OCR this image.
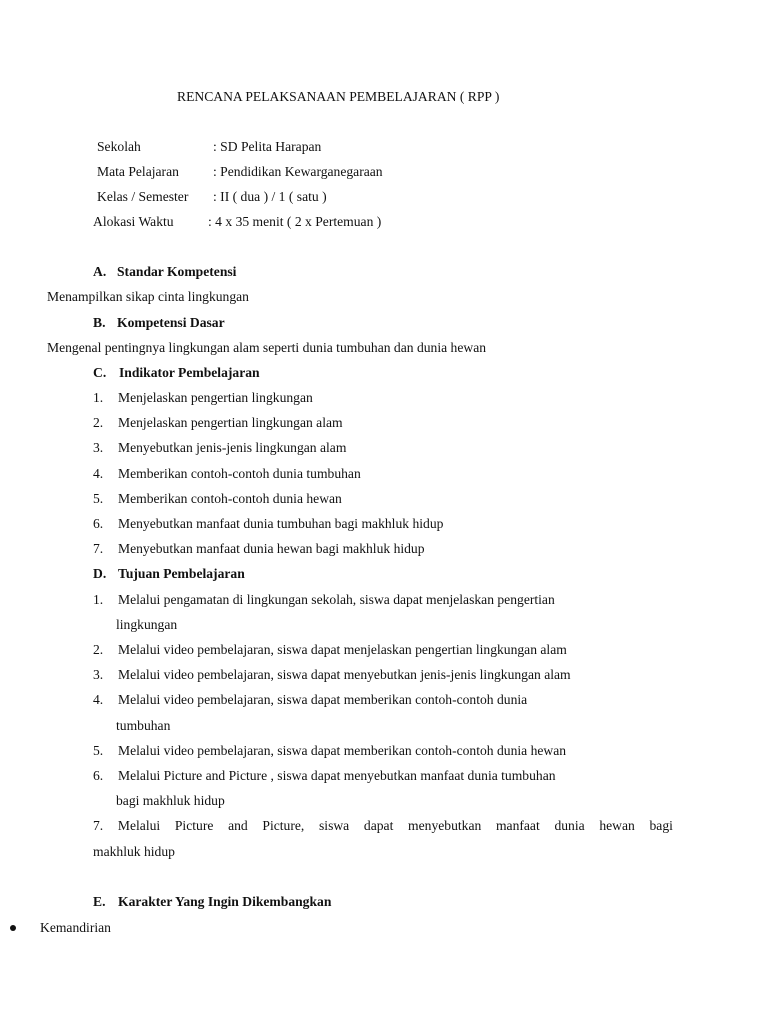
RENCANA PELAKSANAAN PEMBELAJARAN ( RPP )
Sekolah	: SD Pelita Harapan
Mata Pelajaran	: Pendidikan Kewarganegaraan
Kelas / Semester : II ( dua ) / 1 ( satu )
Alokasi Waktu	: 4 x 35 menit ( 2 x Pertemuan )
A. Standar Kompetensi
Menampilkan sikap cinta lingkungan
B. Kompetensi Dasar
Mengenal pentingnya lingkungan alam seperti dunia tumbuhan dan dunia hewan
C. Indikator Pembelajaran
1. Menjelaskan pengertian lingkungan
2. Menjelaskan pengertian lingkungan alam
3. Menyebutkan jenis-jenis lingkungan alam
4. Memberikan contoh-contoh dunia tumbuhan
5. Memberikan contoh-contoh dunia hewan
6. Menyebutkan manfaat dunia tumbuhan bagi makhluk hidup
7. Menyebutkan manfaat dunia hewan bagi makhluk hidup
D. Tujuan Pembelajaran
1. Melalui pengamatan di lingkungan sekolah, siswa dapat menjelaskan pengertian
lingkungan
2. Melalui video pembelajaran, siswa dapat menjelaskan pengertian lingkungan alam
3. Melalui video pembelajaran, siswa dapat menyebutkan jenis-jenis lingkungan alam
4. Melalui video pembelajaran, siswa dapat memberikan contoh-contoh dunia
tumbuhan
5. Melalui video pembelajaran, siswa dapat memberikan contoh-contoh dunia hewan
6. Melalui Picture and Picture , siswa dapat menyebutkan manfaat dunia tumbuhan
bagi makhluk hidup
7. Melalui Picture and Picture, siswa dapat menyebutkan manfaat dunia hewan bagi
makhluk hidup
E. Karakter Yang Ingin Dikembangkan
Kemandirian
